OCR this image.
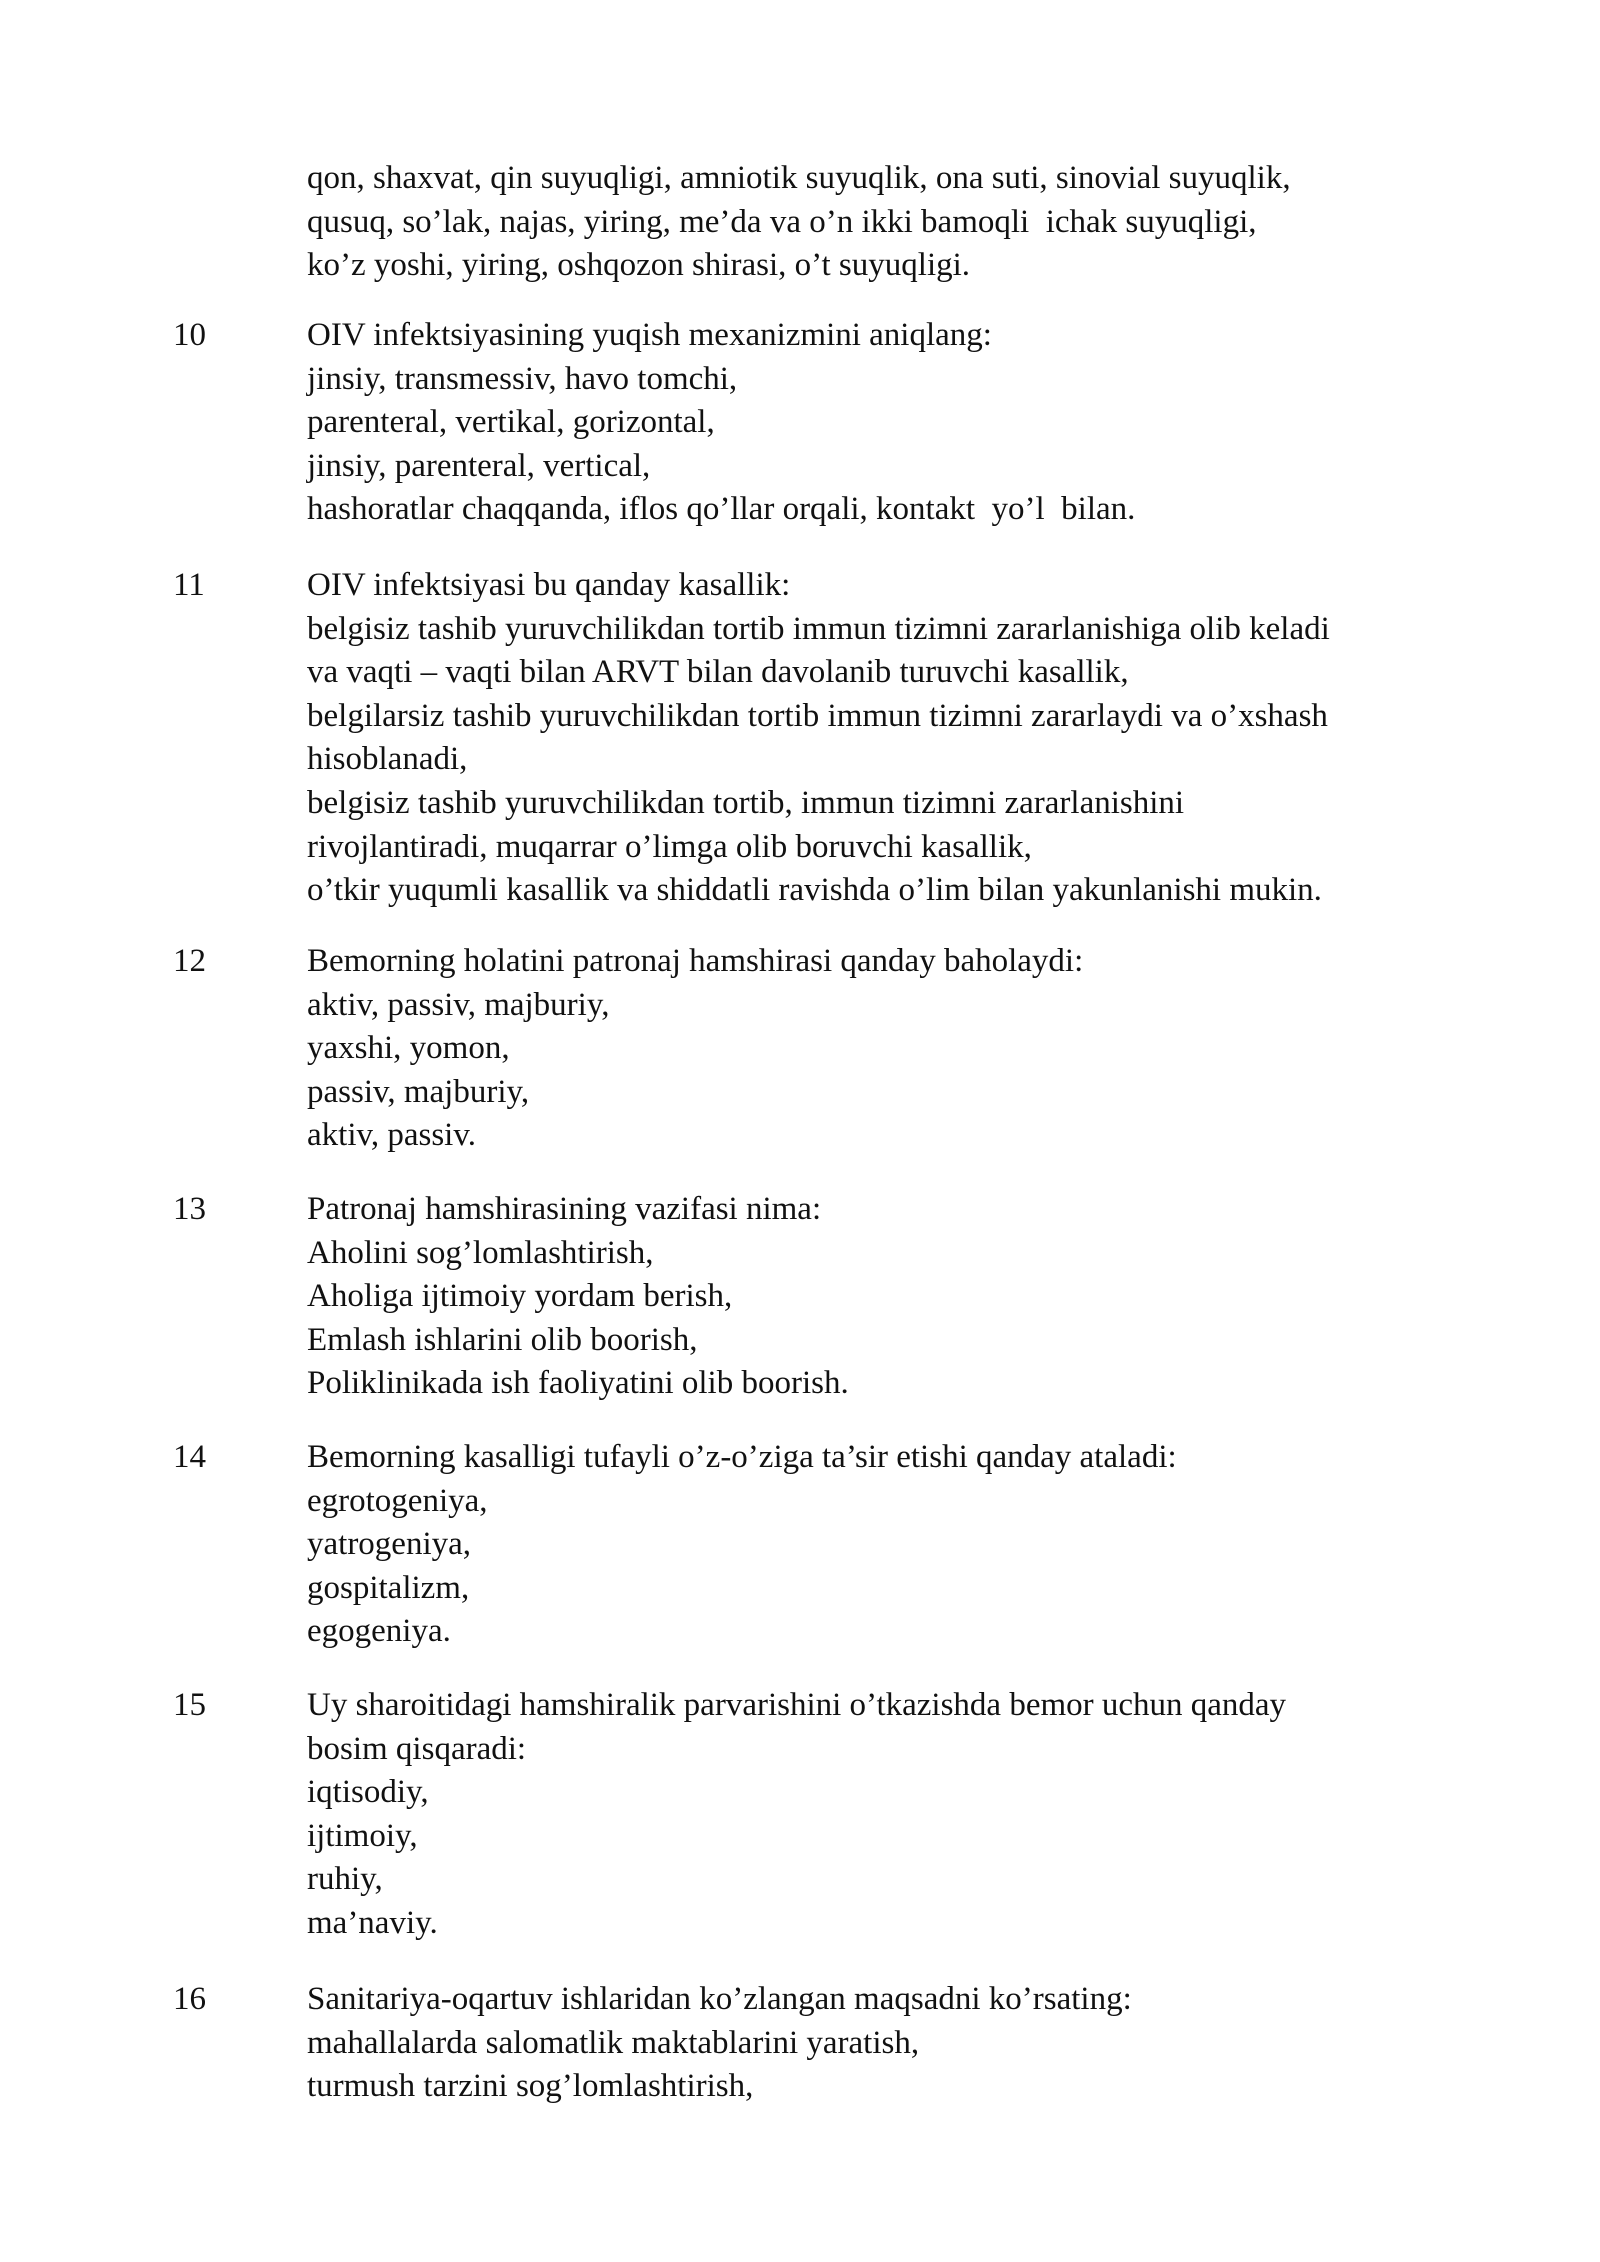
qon, shaxvat, qin suyuqligi, amniotik suyuqlik, ona suti, sinovial suyuqlik,
qusuq, so’lak, najas, yiring, me’da va o’n ikki bamoqli  ichak suyuqligi,
ko’z yoshi, yiring, oshqozon shirasi, o’t suyuqligi.
10	OIV infektsiyasining yuqish mexanizmini aniqlang:
jinsiy, transmessiv, havo tomchi,
parenteral, vertikal, gorizontal,
jinsiy, parenteral, vertical,
hashoratlar chaqqanda, iflos qo’llar orqali, kontakt  yo’l  bilan.
11	OIV infektsiyasi bu qanday kasallik:
belgisiz tashib yuruvchilikdan tortib immun tizimni zararlanishiga olib keladi
va vaqti – vaqti bilan ARVT bilan davolanib turuvchi kasallik,
belgilarsiz tashib yuruvchilikdan tortib immun tizimni zararlaydi va o’xshash
hisoblanadi,
belgisiz tashib yuruvchilikdan tortib, immun tizimni zararlanishini
rivojlantiradi, muqarrar o’limga olib boruvchi kasallik,
o’tkir yuqumli kasallik va shiddatli ravishda o’lim bilan yakunlanishi mukin.
12	Bemorning holatini patronaj hamshirasi qanday baholaydi:
aktiv, passiv, majburiy,
yaxshi, yomon,
passiv, majburiy,
aktiv, passiv.
13	Patronaj hamshirasining vazifasi nima:
Aholini sog’lomlashtirish,
Aholiga ijtimoiy yordam berish,
Emlash ishlarini olib boorish,
Poliklinikada ish faoliyatini olib boorish.
14	Bemorning kasalligi tufayli o’z-o’ziga ta’sir etishi qanday ataladi:
egrotogeniya,
yatrogeniya,
gospitalizm,
egogeniya.
15	Uy sharoitidagi hamshiralik parvarishini o’tkazishda bemor uchun qanday
bosim qisqaradi:
iqtisodiy,
ijtimoiy,
ruhiy,
ma’naviy.
16	Sanitariya-oqartuv ishlaridan ko’zlangan maqsadni ko’rsating:
mahallalarda salomatlik maktablarini yaratish,
turmush tarzini sog’lomlashtirish,
